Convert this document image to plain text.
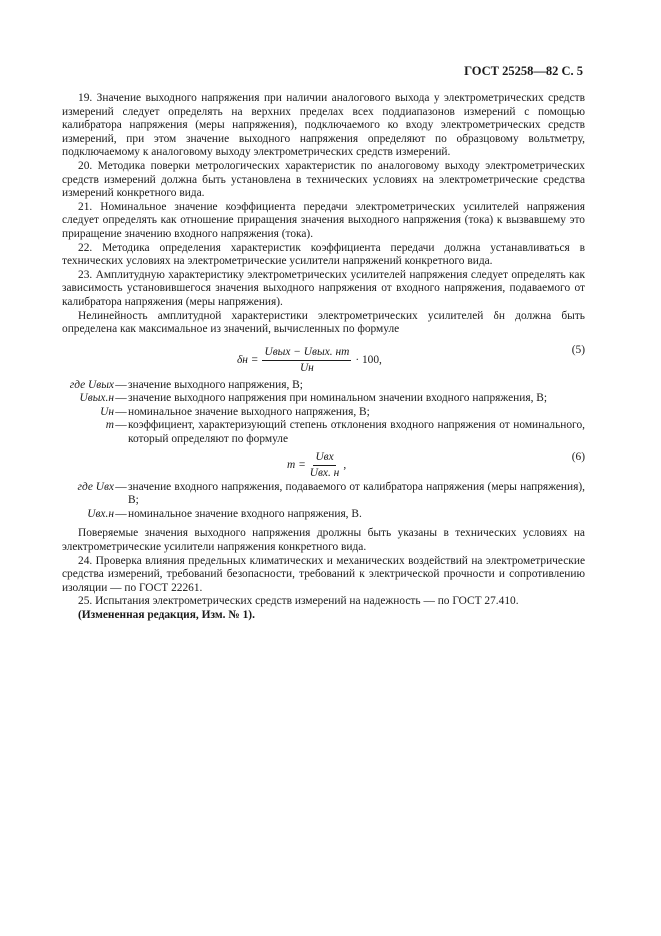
ГОСТ 25258—82 С. 5

19. Значение выходного напряжения при наличии аналогового выхода у электрометрических средств измерений следует определять на верхних пределах всех поддиапазонов измерений с помощью калибратора напряжения (меры напряжения), подключаемого ко входу электрометрических средств измерений, при этом значение выходного напряжения определяют по образцовому вольтметру, подключаемому к аналоговому выходу электрометрических средств измерений.

20. Методика поверки метрологических характеристик по аналоговому выходу электрометрических средств измерений должна быть установлена в технических условиях на электрометрические средства измерений конкретного вида.

21. Номинальное значение коэффициента передачи электрометрических усилителей напряжения следует определять как отношение приращения значения выходного напряжения (тока) к вызвавшему это приращение значению входного напряжения (тока).

22. Методика определения характеристик коэффициента передачи должна устанавливаться в технических условиях на электрометрические усилители напряжений конкретного вида.

23. Амплитудную характеристику электрометрических усилителей напряжения следует определять как зависимость установившегося значения выходного напряжения от входного напряжения, подаваемого от калибратора напряжения (меры напряжения).

Нелинейность амплитудной характеристики электрометрических усилителей δн должна быть определена как максимальное из значений, вычисленных по формуле

$\delta н = \frac{\text{Uвых − Uвых. нm}}{Uн} \cdot 100$,
(5)
где Uвых — значение выходного напряжения, В;
Uвых.н — значение выходного напряжения при номинальном значении входного напряжения, В;
Uн — номинальное значение выходного напряжения, В;
m — коэффициент, характеризующий степень отклонения входного напряжения от номинального, который определяют по формуле
$m = \frac{\text{Uвх}}{\text{Uвх. н}}$ ,
(6)
где Uвх — значение входного напряжения, подаваемого от калибратора напряжения (меры напряжения), В;
Uвх.н — номинальное значение входного напряжения, В.

Поверяемые значения выходного напряжения дролжны быть указаны в технических условиях на электрометрические усилители напряжения конкретного вида.

24. Проверка влияния предельных климатических и механических воздействий на электрометрические средства измерений, требований безопасности, требований к электрической прочности и сопротивлению изоляции — по ГОСТ 22261.

25. Испытания электрометрических средств измерений на надежность — по ГОСТ 27.410.

(Измененная редакция, Изм. № 1).
